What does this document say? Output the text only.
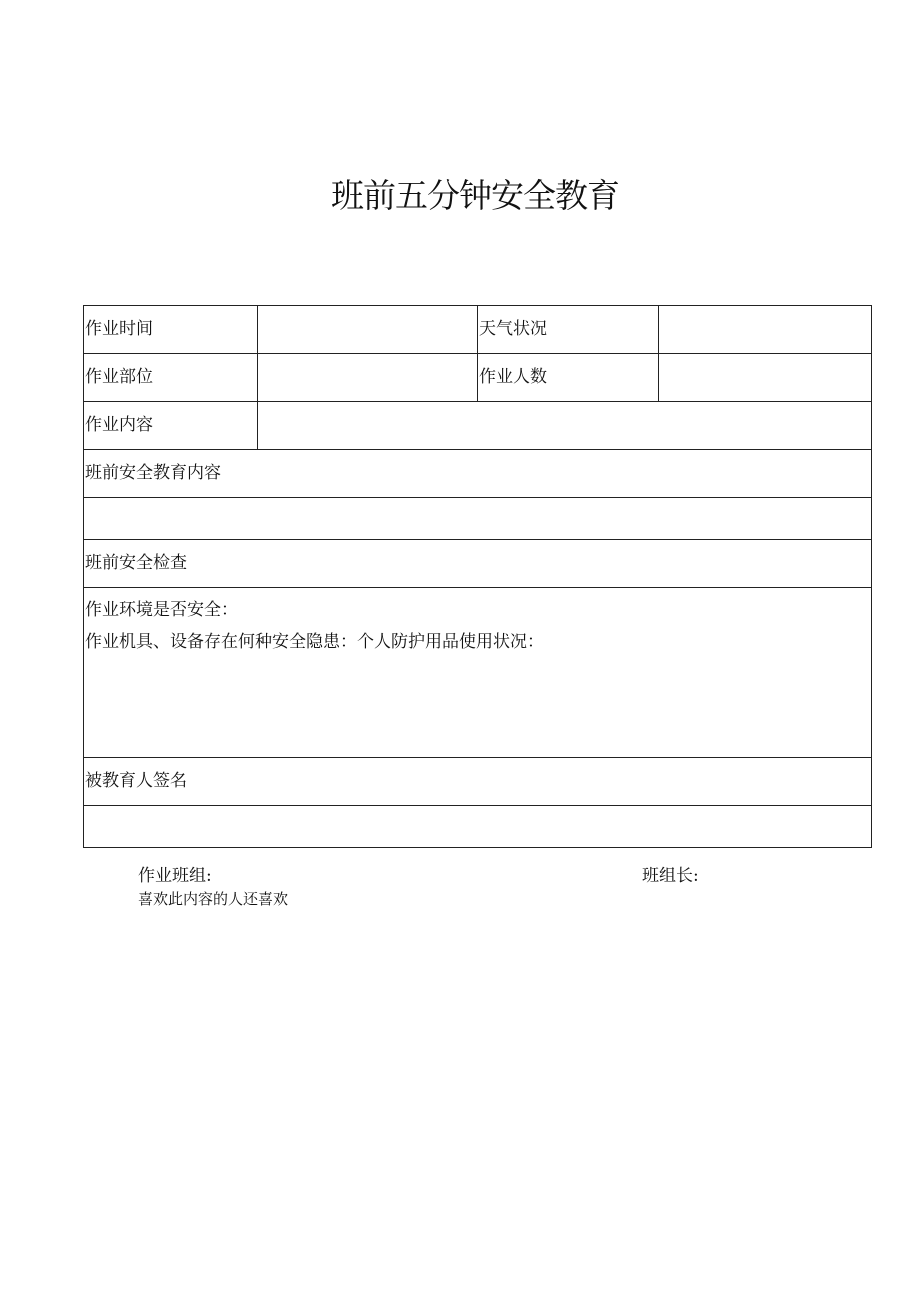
班前五分钟安全教育
作业时间		天气状况	
作业部位		作业人数	
作业内容			
班前安全教育内容			

班前安全检查			

作业环境是否安全：
作业机具、设备存在何种安全隐患：个人防护用品使用状况：			

被教育人签名			

作业班组:	班组长:
喜欢此内容的人还喜欢
